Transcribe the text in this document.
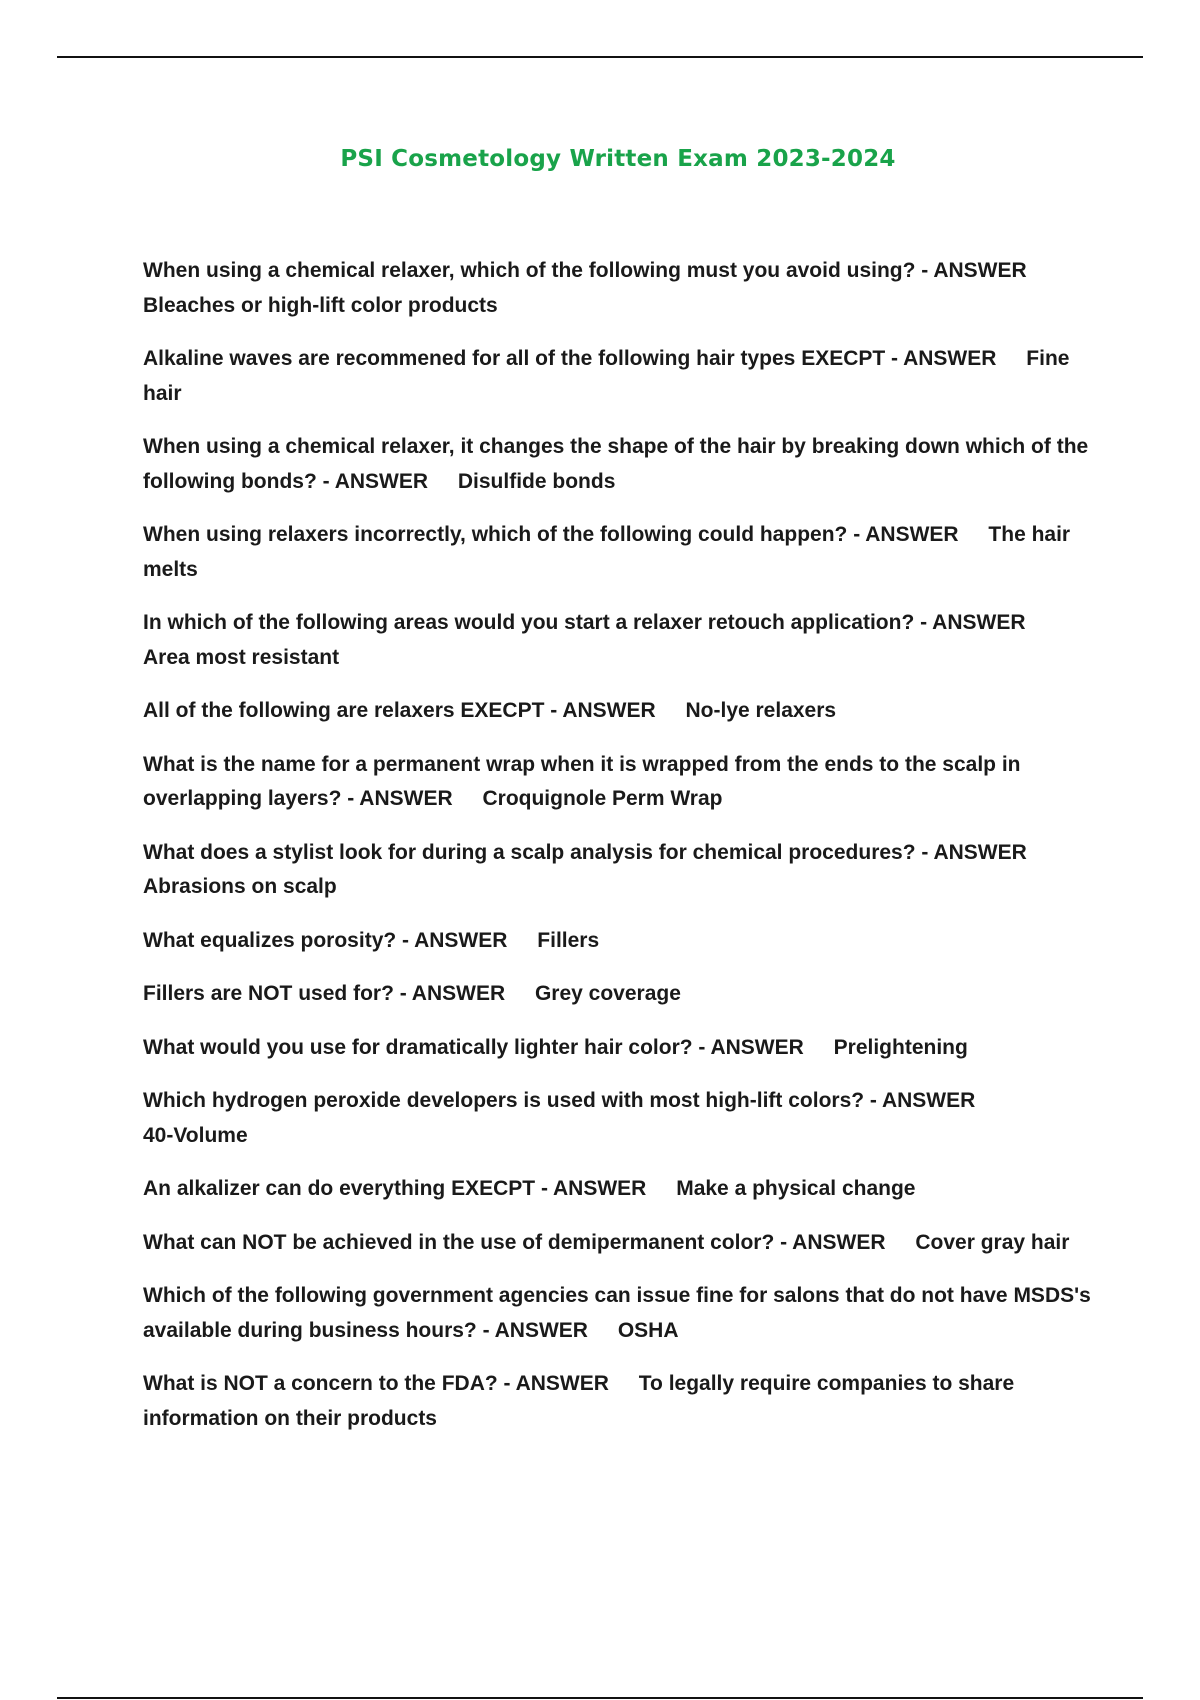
PSI Cosmetology Written Exam 2023-2024
When using a chemical relaxer, which of the following must you avoid using? - ANSWER
Bleaches or high-lift color products
Alkaline waves are recommened for all of the following hair types EXECPT - ANSWER Fine hair
When using a chemical relaxer, it changes the shape of the hair by breaking down which of the following bonds? - ANSWER Disulfide bonds
When using relaxers incorrectly, which of the following could happen? - ANSWER The hair melts
In which of the following areas would you start a relaxer retouch application? - ANSWER
Area most resistant
All of the following are relaxers EXECPT - ANSWER No-lye relaxers
What is the name for a permanent wrap when it is wrapped from the ends to the scalp in overlapping layers? - ANSWER Croquignole Perm Wrap
What does a stylist look for during a scalp analysis for chemical procedures? - ANSWER
Abrasions on scalp
What equalizes porosity? - ANSWER Fillers
Fillers are NOT used for? - ANSWER Grey coverage
What would you use for dramatically lighter hair color? - ANSWER Prelightening
Which hydrogen peroxide developers is used with most high-lift colors? - ANSWER
40-Volume
An alkalizer can do everything EXECPT - ANSWER Make a physical change
What can NOT be achieved in the use of demipermanent color? - ANSWER Cover gray hair
Which of the following government agencies can issue fine for salons that do not have MSDS's available during business hours? - ANSWER OSHA
What is NOT a concern to the FDA? - ANSWER To legally require companies to share information on their products
